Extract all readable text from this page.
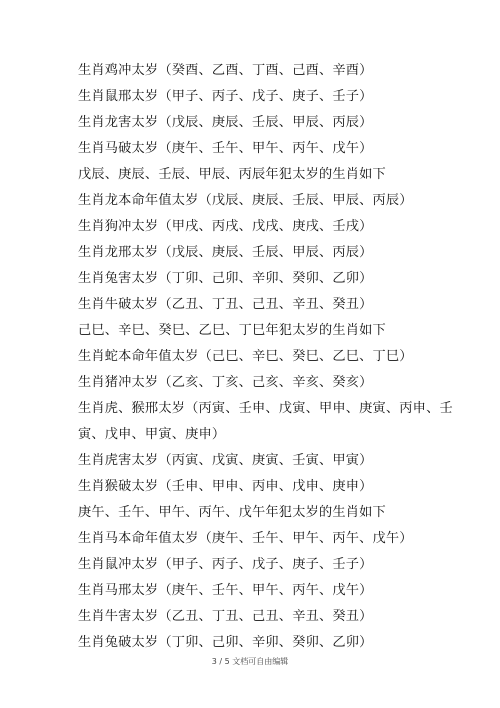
生肖鸡冲太岁（癸酉、乙酉、丁酉、己酉、辛酉）
生肖鼠邢太岁（甲子、丙子、戊子、庚子、壬子）
生肖龙害太岁（戊辰、庚辰、壬辰、甲辰、丙辰）
生肖马破太岁（庚午、壬午、甲午、丙午、戊午）
戊辰、庚辰、壬辰、甲辰、丙辰年犯太岁的生肖如下
生肖龙本命年值太岁（戊辰、庚辰、壬辰、甲辰、丙辰）
生肖狗冲太岁（甲戌、丙戌、戊戌、庚戌、壬戌）
生肖龙邢太岁（戊辰、庚辰、壬辰、甲辰、丙辰）
生肖兔害太岁（丁卯、己卯、辛卯、癸卯、乙卯）
生肖牛破太岁（乙丑、丁丑、己丑、辛丑、癸丑）
己巳、辛巳、癸巳、乙巳、丁巳年犯太岁的生肖如下
生肖蛇本命年值太岁（己巳、辛巳、癸巳、乙巳、丁巳）
生肖猪冲太岁（乙亥、丁亥、己亥、辛亥、癸亥）
生肖虎、猴邢太岁（丙寅、壬申、戊寅、甲申、庚寅、丙申、壬寅、戊申、甲寅、庚申）
生肖虎害太岁（丙寅、戊寅、庚寅、壬寅、甲寅）
生肖猴破太岁（壬申、甲申、丙申、戊申、庚申）
庚午、壬午、甲午、丙午、戊午年犯太岁的生肖如下
生肖马本命年值太岁（庚午、壬午、甲午、丙午、戊午）
生肖鼠冲太岁（甲子、丙子、戊子、庚子、壬子）
生肖马邢太岁（庚午、壬午、甲午、丙午、戊午）
生肖牛害太岁（乙丑、丁丑、己丑、辛丑、癸丑）
生肖兔破太岁（丁卯、己卯、辛卯、癸卯、乙卯）
3 / 5 文档可自由编辑
